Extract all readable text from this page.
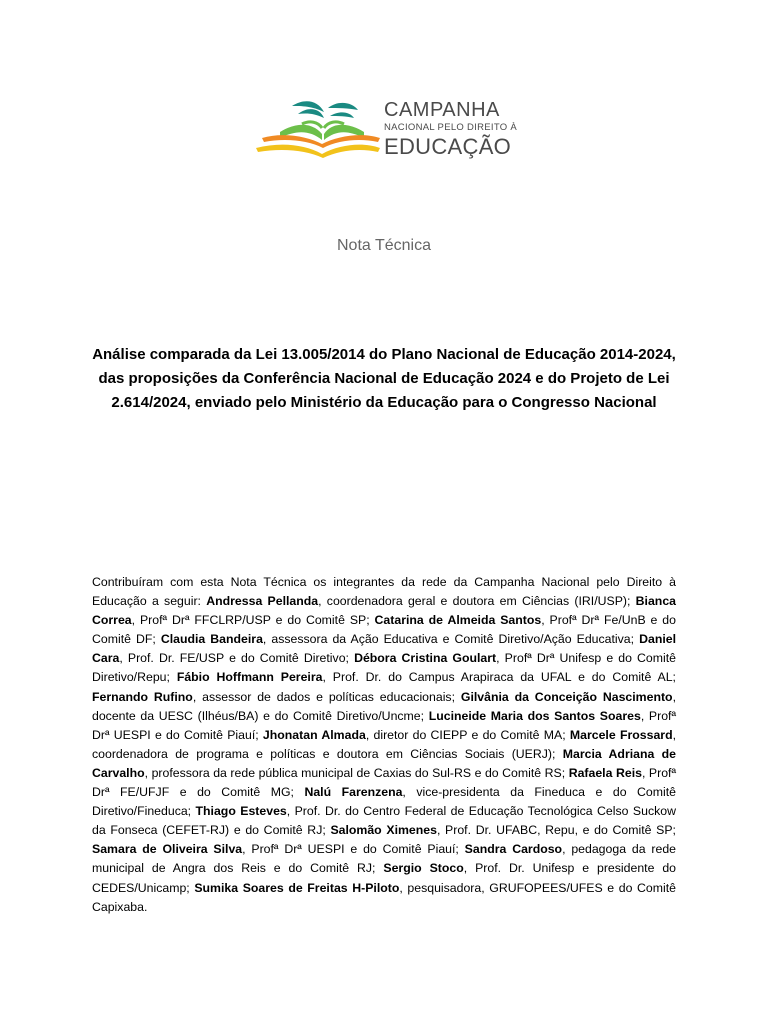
CAMPANHA
NACIONAL PELO DIREITO À
EDUCAÇÃO
Nota Técnica
Análise comparada da Lei 13.005/2014 do Plano Nacional de Educação 2014-2024, das proposições da Conferência Nacional de Educação 2024 e do Projeto de Lei 2.614/2024, enviado pelo Ministério da Educação para o Congresso Nacional
Contribuíram com esta Nota Técnica os integrantes da rede da Campanha Nacional pelo Direito à Educação a seguir: Andressa Pellanda, coordenadora geral e doutora em Ciências (IRI/USP); Bianca Correa, Profª Drª FFCLRP/USP e do Comitê SP; Catarina de Almeida Santos, Profª Drª Fe/UnB e do Comitê DF; Claudia Bandeira, assessora da Ação Educativa e Comitê Diretivo/Ação Educativa; Daniel Cara, Prof. Dr. FE/USP e do Comitê Diretivo; Débora Cristina Goulart, Profª Drª Unifesp e do Comitê Diretivo/Repu; Fábio Hoffmann Pereira, Prof. Dr. do Campus Arapiraca da UFAL e do Comitê AL; Fernando Rufino, assessor de dados e políticas educacionais; Gilvânia da Conceição Nascimento, docente da UESC (Ilhéus/BA) e do Comitê Diretivo/Uncme; Lucineide Maria dos Santos Soares, Profª Drª UESPI e do Comitê Piauí; Jhonatan Almada, diretor do CIEPP e do Comitê MA; Marcele Frossard, coordenadora de programa e políticas e doutora em Ciências Sociais (UERJ); Marcia Adriana de Carvalho, professora da rede pública municipal de Caxias do Sul-RS e do Comitê RS; Rafaela Reis, Profª Drª FE/UFJF e do Comitê MG; Nalú Farenzena, vice-presidenta da Fineduca e do Comitê Diretivo/Fineduca; Thiago Esteves, Prof. Dr. do Centro Federal de Educação Tecnológica Celso Suckow da Fonseca (CEFET-RJ) e do Comitê RJ; Salomão Ximenes, Prof. Dr. UFABC, Repu, e do Comitê SP; Samara de Oliveira Silva, Profª Drª UESPI e do Comitê Piauí; Sandra Cardoso, pedagoga da rede municipal de Angra dos Reis e do Comitê RJ; Sergio Stoco, Prof. Dr. Unifesp e presidente do CEDES/Unicamp; Sumika Soares de Freitas H-Piloto, pesquisadora, GRUFOPEES/UFES e do Comitê Capixaba.
